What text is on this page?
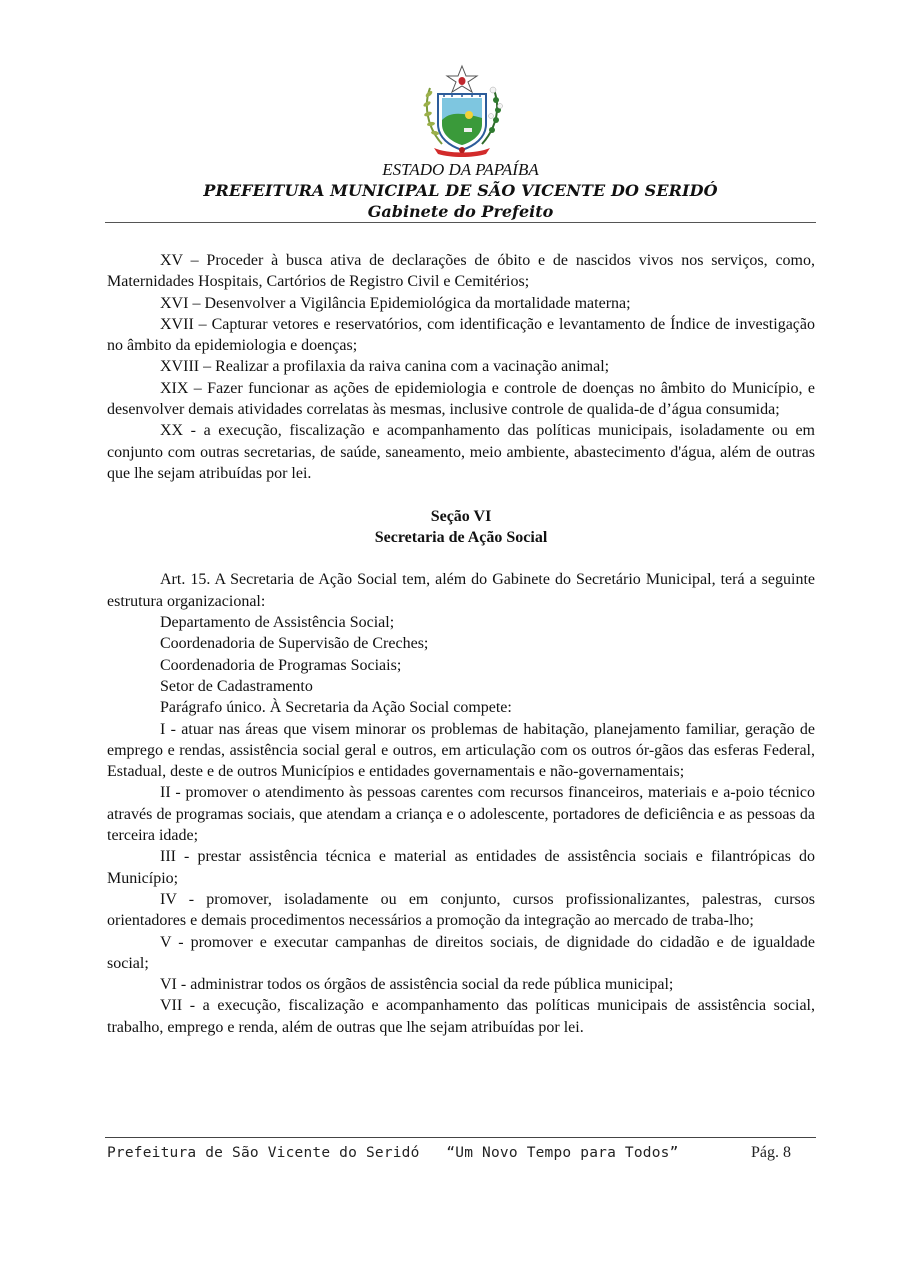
ESTADO DA PAPAÍBA
PREFEITURA MUNICIPAL DE SÃO VICENTE DO SERIDÓ
Gabinete do Prefeito

XV – Proceder à busca ativa de declarações de óbito e de nascidos vivos nos serviços, como, Maternidades Hospitais, Cartórios de Registro Civil e Cemitérios;

XVI – Desenvolver a Vigilância Epidemiológica da mortalidade materna;

XVII – Capturar vetores e reservatórios, com identificação e levantamento de Índice de investigação no âmbito da epidemiologia e doenças;

XVIII – Realizar a profilaxia da raiva canina com a vacinação animal;

XIX – Fazer funcionar as ações de epidemiologia e controle de doenças no âmbito do Município, e desenvolver demais atividades correlatas às mesmas, inclusive controle de qualida-de d’água consumida;

XX - a execução, fiscalização e acompanhamento das políticas municipais, isoladamente ou em conjunto com outras secretarias, de saúde, saneamento, meio ambiente, abastecimento d'água, além de outras que lhe sejam atribuídas por lei.

Seção VI

Secretaria de Ação Social

Art. 15. A Secretaria de Ação Social tem, além do Gabinete do Secretário Municipal, terá a seguinte estrutura organizacional:

Departamento de Assistência Social;

Coordenadoria de Supervisão de Creches;

Coordenadoria de Programas Sociais;

Setor de Cadastramento

Parágrafo único. À Secretaria da Ação Social compete:

I - atuar nas áreas que visem minorar os problemas de habitação, planejamento familiar, geração de emprego e rendas, assistência social geral e outros, em articulação com os outros ór-gãos das esferas Federal, Estadual, deste e de outros Municípios e entidades governamentais e não-governamentais;

II - promover o atendimento às pessoas carentes com recursos financeiros, materiais e a-poio técnico através de programas sociais, que atendam a criança e o adolescente, portadores de deficiência e as pessoas da terceira idade;

III - prestar assistência técnica e material as entidades de assistência sociais e filantrópicas do Município;

IV - promover, isoladamente ou em conjunto, cursos profissionalizantes, palestras, cursos orientadores e demais procedimentos necessários a promoção da integração ao mercado de traba-lho;

V - promover e executar campanhas de direitos sociais, de dignidade do cidadão e de igualdade social;

VI - administrar todos os órgãos de assistência social da rede pública municipal;

VII - a execução, fiscalização e acompanhamento das políticas municipais de assistência social, trabalho, emprego e renda, além de outras que lhe sejam atribuídas por lei.

Prefeitura de São Vicente do Seridó   “Um Novo Tempo para Todos”	Pág. 8
